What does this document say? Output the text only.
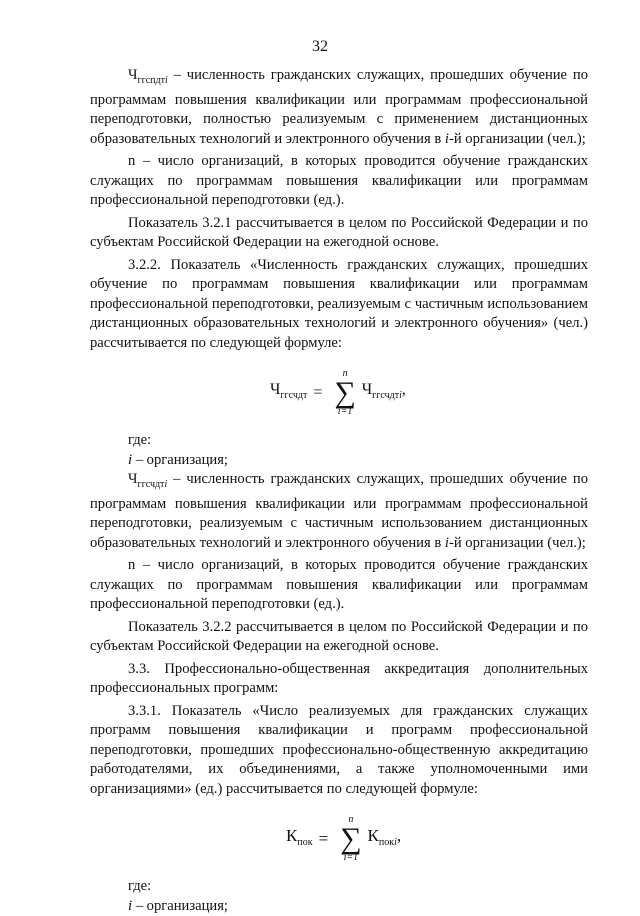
32

$Ч_{ггспдтi}$ – численность гражданских служащих, прошедших обучение по программам повышения квалификации или программам профессиональной переподготовки, полностью реализуемым с применением дистанционных образовательных технологий и электронного обучения в i-й организации (чел.);

n – число организаций, в которых проводится обучение гражданских служащих по программам повышения квалификации или программам профессиональной переподготовки (ед.).

Показатель 3.2.1 рассчитывается в целом по Российской Федерации и по субъектам Российской Федерации на ежегодной основе.

3.2.2. Показатель «Численность гражданских служащих, прошедших обучение по программам повышения квалификации или программам профессиональной переподготовки, реализуемым с частичным использованием дистанционных образовательных технологий и электронного обучения» (чел.) рассчитывается по следующей формуле:

$Ч_{ггсчдт}$ =
n
∑
i=1
$Ч_{ггсчдтi}$,

где:

i – организация;

$Ч_{ггсчдтi}$ – численность гражданских служащих, прошедших обучение по программам повышения квалификации или программам профессиональной переподготовки, реализуемым с частичным использованием дистанционных образовательных технологий и электронного обучения в i-й организации (чел.);

n – число организаций, в которых проводится обучение гражданских служащих по программам повышения квалификации или программам профессиональной переподготовки (ед.).

Показатель 3.2.2 рассчитывается в целом по Российской Федерации и по субъектам Российской Федерации на ежегодной основе.

3.3. Профессионально-общественная аккредитация дополнительных профессиональных программ:

3.3.1. Показатель «Число реализуемых для гражданских служащих программ повышения квалификации и программ профессиональной переподготовки, прошедших профессионально-общественную аккредитацию работодателями, их объединениями, а также уполномоченными ими организациями» (ед.) рассчитывается по следующей формуле:

$К_{пок}$ =
n
∑
i=1
$К_{покi}$,

где:

i – организация;
